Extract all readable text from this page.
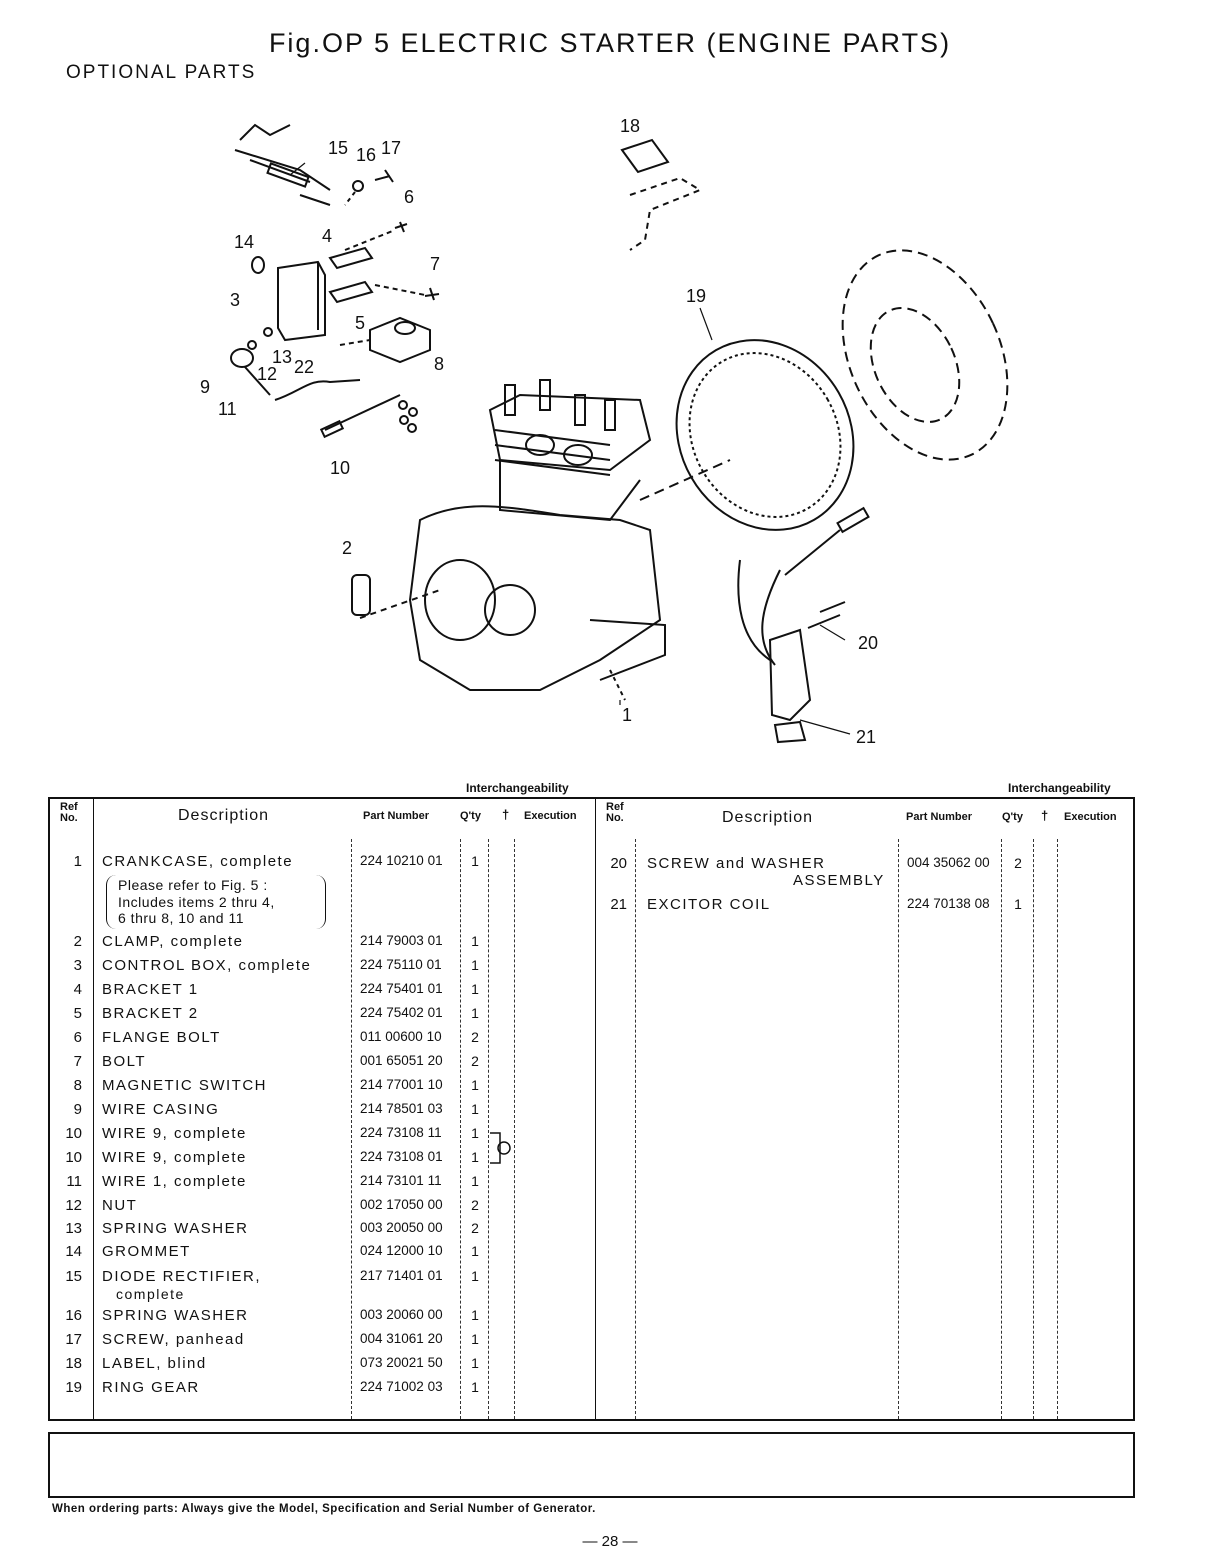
Fig.OP 5 ELECTRIC STARTER (ENGINE PARTS)
OPTIONAL PARTS
18
15 16 17
6
4
14
7
19
3
5
13 22	8
12
9
11
10
2
20
1
21
Interchangeability	Interchangeability
Ref
No.	Description	Part Number	Q'ty † Execution
Ref
No.	Description	Part Number	Q'ty † Execution
1 CRANKCASE, complete	224 10210 01 1
Please refer to Fig. 5 :
Includes items 2 thru 4,
6 thru 8, 10 and 11
2 CLAMP, complete	214 79003 01 1
3 CONTROL BOX, complete	224 75110 01 1
4 BRACKET 1	224 75401 01 1
5 BRACKET 2	224 75402 01 1
6 FLANGE BOLT	011 00600 10 2
7 BOLT	001 65051 20 2
8 MAGNETIC SWITCH	214 77001 10 1
9 WIRE CASING	214 78501 03 1
10 WIRE 9, complete	224 73108 11 1
10 WIRE 9, complete	224 73108 01 1
11 WIRE 1, complete	214 73101 11 1
12 NUT	002 17050 00 2
13 SPRING WASHER	003 20050 00 2
14 GROMMET	024 12000 10 1
15 DIODE RECTIFIER,	217 71401 01 1
complete
16 SPRING WASHER	003 20060 00 1
17 SCREW, panhead	004 31061 20 1
18 LABEL, blind	073 20021 50 1
19 RING GEAR	224 71002 03 1
20 SCREW and WASHER	004 35062 00 2
ASSEMBLY
21 EXCITOR COIL	224 70138 08 1
When ordering parts: Always give the Model, Specification and Serial Number of Generator.
— 28 —
